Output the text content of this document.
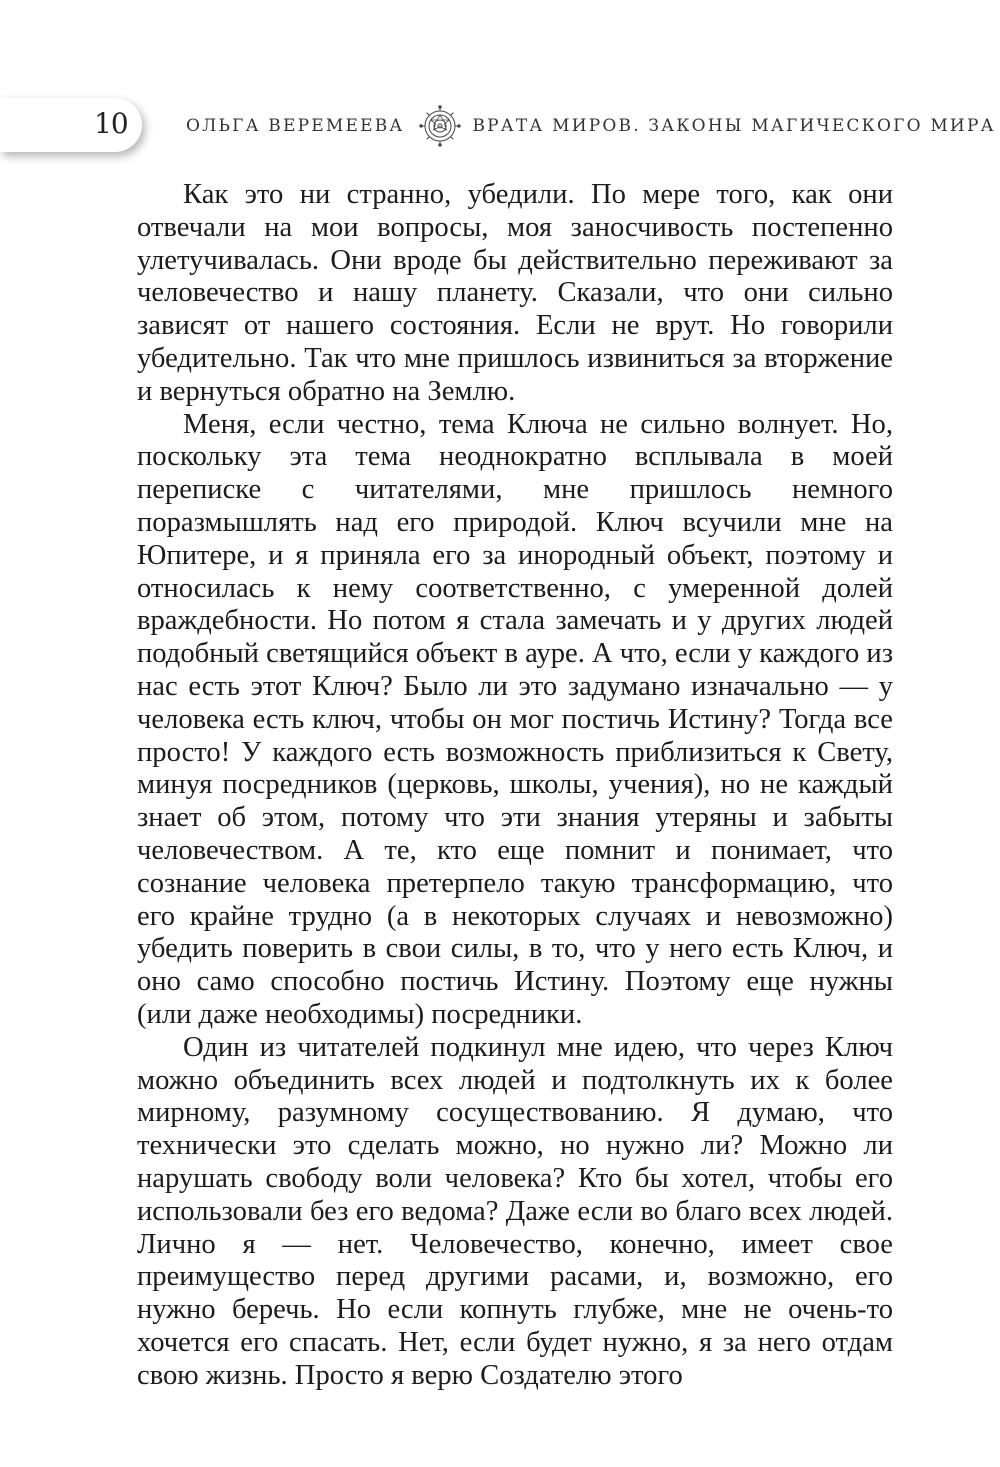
10	ОЛЬГА ВЕРЕМЕЕВА	ВРАТА МИРОВ. ЗАКОНЫ МАГИЧЕСКОГО МИРА

Как это ни странно, убедили. По мере того, как они отвечали на мои вопросы, моя заносчивость постепенно улетучивалась. Они вроде бы действительно переживают за человечество и нашу планету. Сказали, что они сильно зависят от нашего состояния. Если не врут. Но говорили убедительно. Так что мне пришлось извиниться за вторжение и вернуться обратно на Землю.

Меня, если честно, тема Ключа не сильно волнует. Но, поскольку эта тема неоднократно всплывала в моей переписке с читателями, мне пришлось немного поразмышлять над его природой. Ключ всучили мне на Юпитере, и я приняла его за инородный объект, поэтому и относилась к нему соответственно, с умеренной долей враждебности. Но потом я стала замечать и у других людей подобный светящийся объект в ауре. А что, если у каждого из нас есть этот Ключ? Было ли это задумано изначально — у человека есть ключ, чтобы он мог постичь Истину? Тогда все просто! У каждого есть возможность приблизиться к Свету, минуя посредников (церковь, школы, учения), но не каждый знает об этом, потому что эти знания утеряны и забыты человечеством. А те, кто еще помнит и понимает, что сознание человека претерпело такую трансформацию, что его крайне трудно (а в некоторых случаях и невозможно) убедить поверить в свои силы, в то, что у него есть Ключ, и оно само способно постичь Истину. Поэтому еще нужны (или даже необходимы) посредники.

Один из читателей подкинул мне идею, что через Ключ можно объединить всех людей и подтолкнуть их к более мирному, разумному сосуществованию. Я думаю, что технически это сделать можно, но нужно ли? Можно ли нарушать свободу воли человека? Кто бы хотел, чтобы его использовали без его ведома? Даже если во благо всех людей. Лично я — нет. Человечество, конечно, имеет свое преимущество перед другими расами, и, возможно, его нужно беречь. Но если копнуть глубже, мне не очень-то хочется его спасать. Нет, если будет нужно, я за него отдам свою жизнь. Просто я верю Создателю этого
